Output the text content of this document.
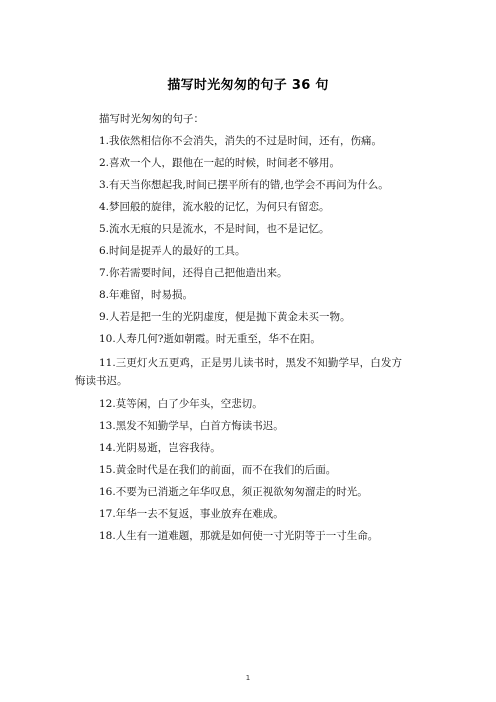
描写时光匆匆的句子 36 句
描写时光匆匆的句子：
1.我依然相信你不会消失，消失的不过是时间，还有，伤痛。
2.喜欢一个人，跟他在一起的时候，时间老不够用。
3.有天当你想起我,时间已摆平所有的错,也学会不再问为什么。
4.梦回般的旋律，流水般的记忆，为何只有留恋。
5.流水无痕的只是流水，不是时间，也不是记忆。
6.时间是捉弄人的最好的工具。
7.你若需要时间，还得自己把他造出来。
8.年难留，时易损。
9.人若是把一生的光阴虚度，便是抛下黄金未买一物。
10.人寿几何?逝如朝霞。时无重至，华不在阳。
11.三更灯火五更鸡，正是男儿读书时，黑发不知勤学早，白发方悔读书迟。
12.莫等闲，白了少年头，空悲切。
13.黑发不知勤学早，白首方悔读书迟。
14.光阴易逝，岂容我待。
15.黄金时代是在我们的前面，而不在我们的后面。
16.不要为已消逝之年华叹息，须正视欲匆匆溜走的时光。
17.年华一去不复返，事业放弃在难成。
18.人生有一道难题，那就是如何使一寸光阴等于一寸生命。
1
